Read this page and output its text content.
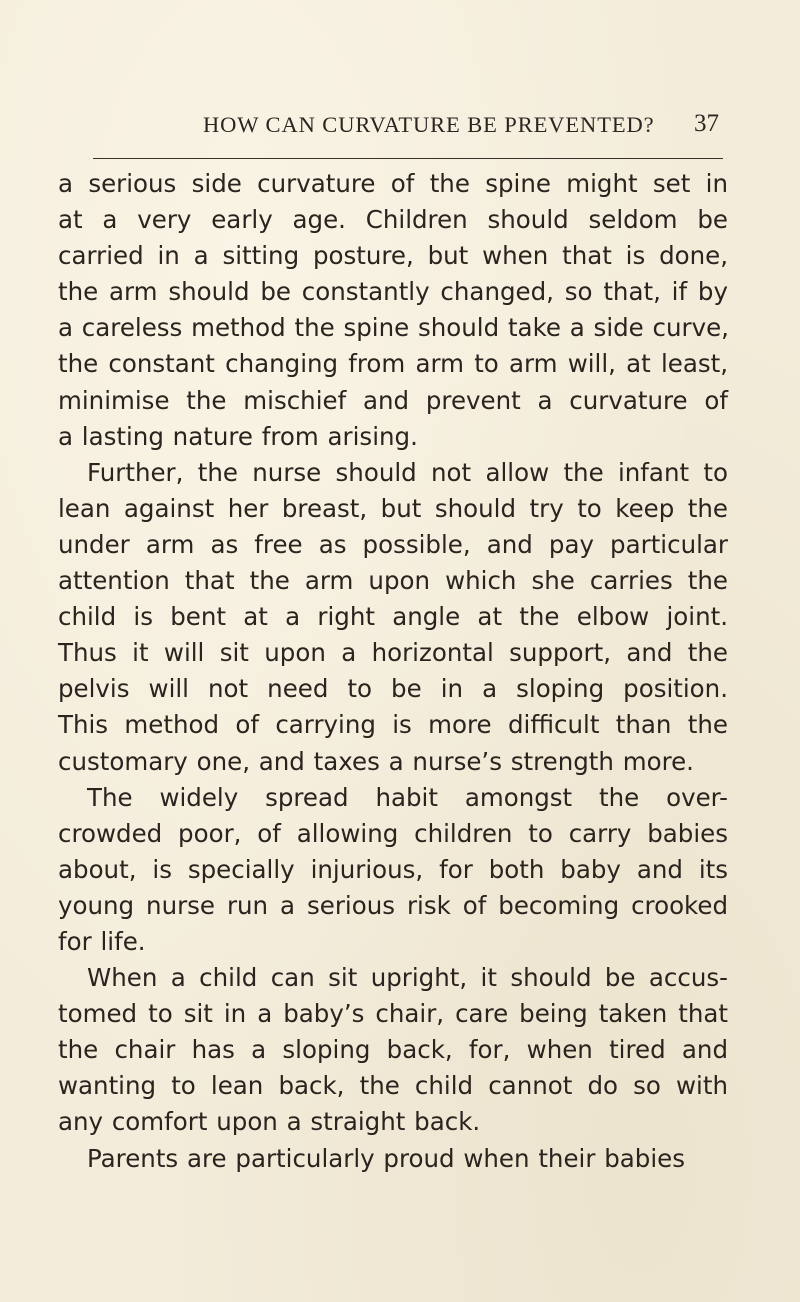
HOW CAN CURVATURE BE PREVENTED? 37
a serious side curvature of the spine might set in
at a very early age. Children should seldom be
carried in a sitting posture, but when that is done,
the arm should be constantly changed, so that, if by
a careless method the spine should take a side curve,
the constant changing from arm to arm will, at least,
minimise the mischief and prevent a curvature of
a lasting nature from arising.
Further, the nurse should not allow the infant to
lean against her breast, but should try to keep the
under arm as free as possible, and pay particular
attention that the arm upon which she carries the
child is bent at a right angle at the elbow joint.
Thus it will sit upon a horizontal support, and the
pelvis will not need to be in a sloping position.
This method of carrying is more difficult than the
customary one, and taxes a nurse’s strength more.
The widely spread habit amongst the over-
crowded poor, of allowing children to carry babies
about, is specially injurious, for both baby and its
young nurse run a serious risk of becoming crooked
for life.
When a child can sit upright, it should be accus-
tomed to sit in a baby’s chair, care being taken that
the chair has a sloping back, for, when tired and
wanting to lean back, the child cannot do so with
any comfort upon a straight back.
Parents are particularly proud when their babies
